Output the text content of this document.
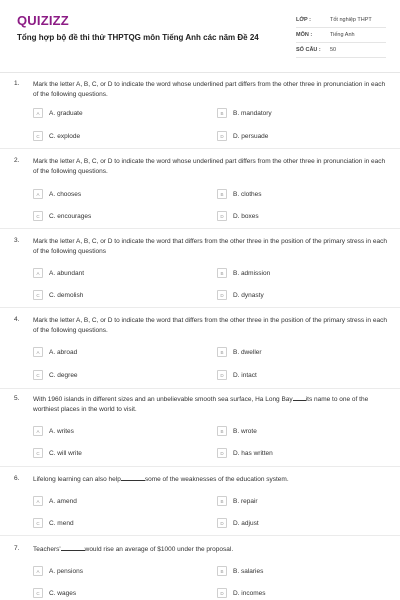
QUIZIZZ
Tổng hợp bộ đề thi thử THPTQG môn Tiếng Anh các năm Đề 24
LỚP :	Tốt nghiệp THPT
MÔN :	Tiếng Anh
SỐ CÂU :	50
1. Mark the letter A, B, C, or D to indicate the word whose underlined part differs from the other three in pronunciation in each of the following questions.
A	A. graduate	B	B. mandatory
C	C. explode	D	D. persuade
2. Mark the letter A, B, C, or D to indicate the word whose underlined part differs from the other three in pronunciation in each of the following questions.
A	A. chooses	B	B. clothes
C	C. encourages	D	D. boxes
3. Mark the letter A, B, C, or D to indicate the word that differs from the other three in the position of the primary stress in each of the following questions
A	A. abundant	B	B. admission
C	C. demolish	D	D. dynasty
4. Mark the letter A, B, C, or D to indicate the word that differs from the other three in the position of the primary stress in each of the following questions.
A	A. abroad	B	B. dweller
C	C. degree	D	D. intact
5. With 1960 islands in different sizes and an unbelievable smooth sea surface, Ha Long Bay its name to one of the worthiest places in the world to visit.
A	A. writes	B	B. wrote
C	C. will write	D	D. has written
6. Lifelong learning can also help	some of the weaknesses of the education system.
A	A. amend	B	B. repair
C	C. mend	D	D. adjust
7. Teachers'	would rise an average of $1000 under the proposal.
A	A. pensions	B	B. salaries
C	C. wages	D	D. incomes
